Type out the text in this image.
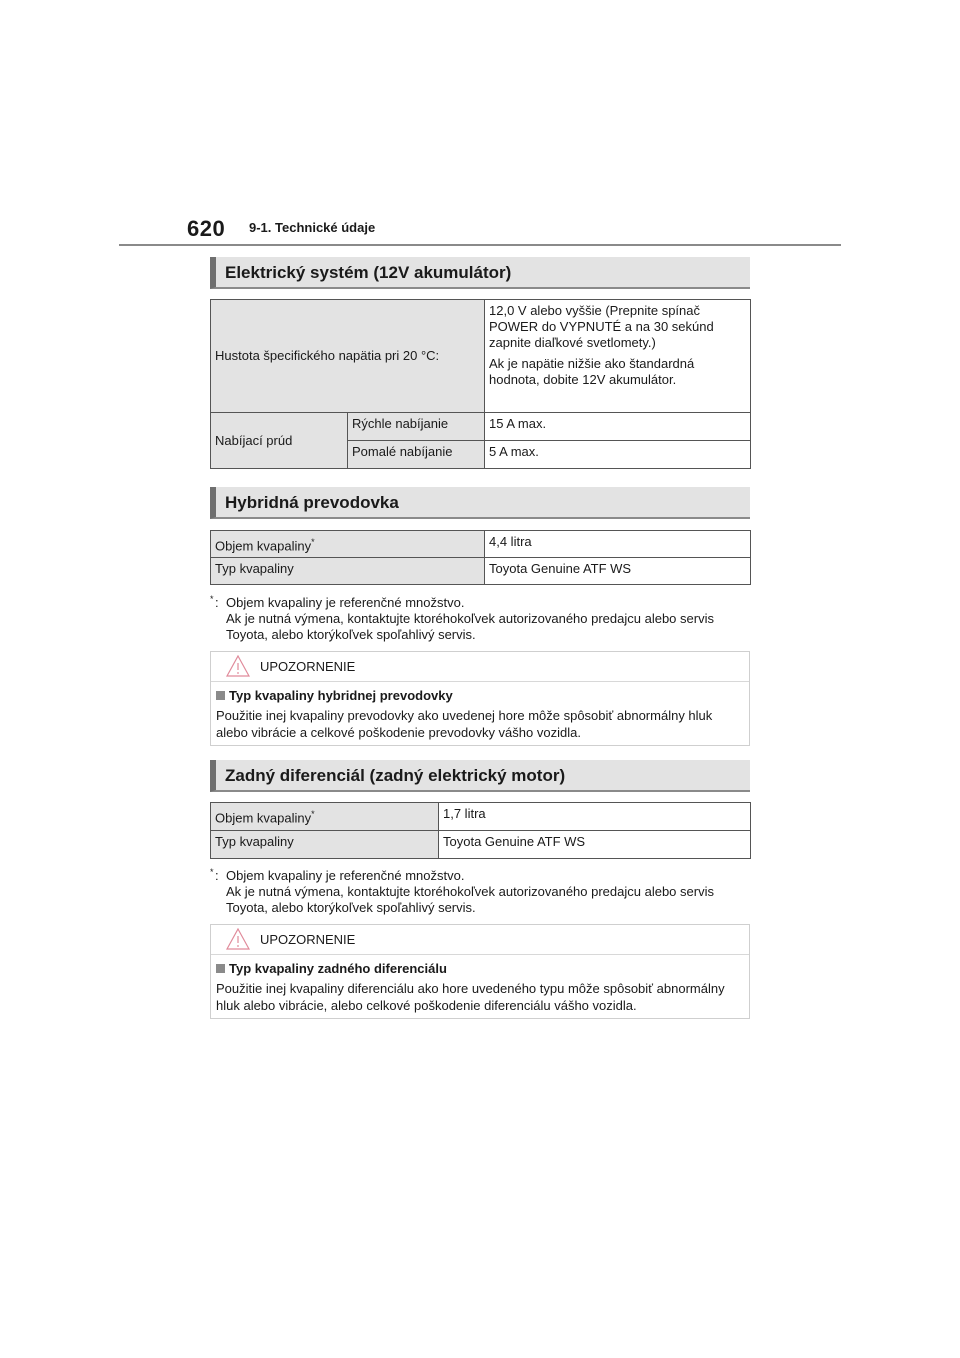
620 9-1. Technické údaje
Elektrický systém (12V akumulátor)
Hustota špecifického napätia pri 20 °C:		12,0 V alebo vyššie (Prepnite spínač POWER do VYPNUTÉ a na 30 sekúnd zapnite diaľkové svetlomety.)
Ak je napätie nižšie ako štandardná hodnota, dobite 12V akumulátor.

Nabíjací prúd	Rýchle nabíjanie	15 A max.
	Pomalé nabíjanie	5 A max.
Hybridná prevodovka
Objem kvapaliny*	4,4 litra
Typ kvapaliny	Toyota Genuine ATF WS
* : Objem kvapaliny je referenčné množstvo.
Ak je nutná výmena, kontaktujte ktoréhokoľvek autorizovaného predajcu alebo servis Toyota, alebo ktorýkoľvek spoľahlivý servis.
UPOZORNENIE
Typ kvapaliny hybridnej prevodovky
Použitie inej kvapaliny prevodovky ako uvedenej hore môže spôsobiť abnormálny hluk alebo vibrácie a celkové poškodenie prevodovky vášho vozidla.
Zadný diferenciál (zadný elektrický motor)
Objem kvapaliny*	1,7 litra
Typ kvapaliny	Toyota Genuine ATF WS
* : Objem kvapaliny je referenčné množstvo.
Ak je nutná výmena, kontaktujte ktoréhokoľvek autorizovaného predajcu alebo servis Toyota, alebo ktorýkoľvek spoľahlivý servis.
UPOZORNENIE
Typ kvapaliny zadného diferenciálu
Použitie inej kvapaliny diferenciálu ako hore uvedeného typu môže spôsobiť abnormálny hluk alebo vibrácie, alebo celkové poškodenie diferenciálu vášho vozidla.
